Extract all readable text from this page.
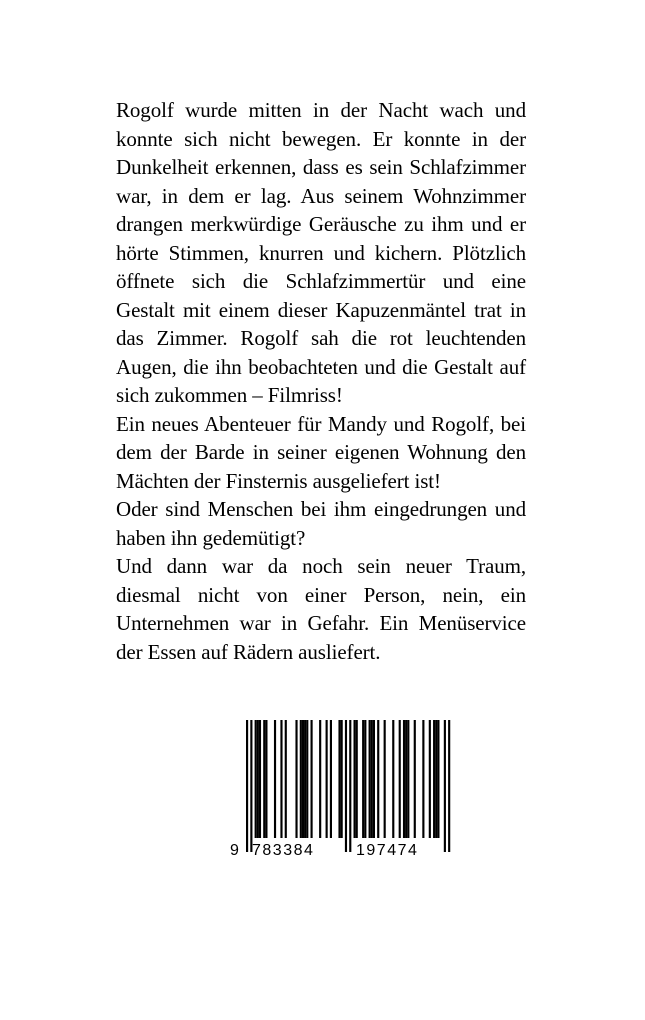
Rogolf wurde mitten in der Nacht wach und konnte sich nicht bewegen. Er konnte in der Dunkelheit erkennen, dass es sein Schlafzimmer war, in dem er lag. Aus seinem Wohnzimmer drangen merkwürdige Geräusche zu ihm und er hörte Stimmen, knurren und kichern. Plötzlich öffnete sich die Schlafzimmertür und eine Gestalt mit einem dieser Kapuzenmäntel trat in das Zimmer. Rogolf sah die rot leuchtenden Augen, die ihn beobachteten und die Gestalt auf sich zukommen – Filmriss!

Ein neues Abenteuer für Mandy und Rogolf, bei dem der Barde in seiner eigenen Wohnung den Mächten der Finsternis ausgeliefert ist!

Oder sind Menschen bei ihm eingedrungen und haben ihn gedemütigt?

Und dann war da noch sein neuer Traum, diesmal nicht von einer Person, nein, ein Unternehmen war in Gefahr. Ein Menüservice der Essen auf Rädern ausliefert.

9 783384	197474
